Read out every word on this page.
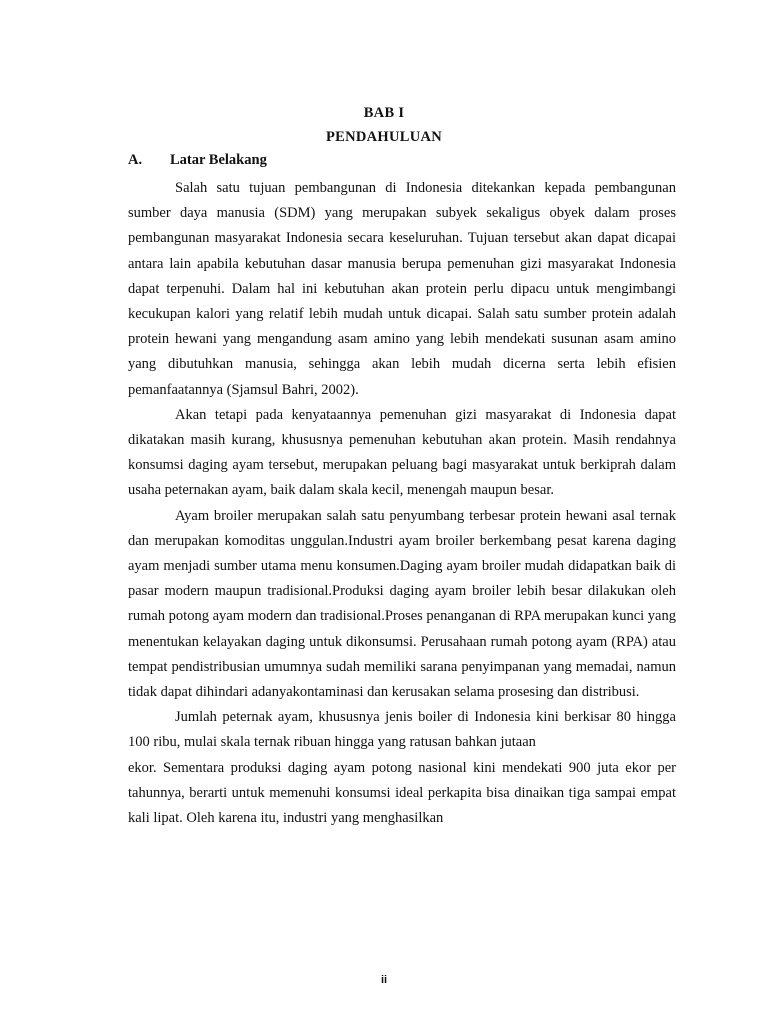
BAB I
PENDAHULUAN
A. Latar Belakang

Salah satu tujuan pembangunan di Indonesia ditekankan kepada pembangunan sumber daya manusia (SDM) yang merupakan subyek sekaligus obyek dalam proses pembangunan masyarakat Indonesia secara keseluruhan. Tujuan tersebut akan dapat dicapai antara lain apabila kebutuhan dasar manusia berupa pemenuhan gizi masyarakat Indonesia dapat terpenuhi. Dalam hal ini kebutuhan akan protein perlu dipacu untuk mengimbangi kecukupan kalori yang relatif lebih mudah untuk dicapai. Salah satu sumber protein adalah protein hewani yang mengandung asam amino yang lebih mendekati susunan asam amino yang dibutuhkan manusia, sehingga akan lebih mudah dicerna serta lebih efisien pemanfaatannya (Sjamsul Bahri, 2002).

Akan tetapi pada kenyataannya pemenuhan gizi masyarakat di Indonesia dapat dikatakan masih kurang, khususnya pemenuhan kebutuhan akan protein. Masih rendahnya konsumsi daging ayam tersebut, merupakan peluang bagi masyarakat untuk berkiprah dalam usaha peternakan ayam, baik dalam skala kecil, menengah maupun besar.

Ayam broiler merupakan salah satu penyumbang terbesar protein hewani asal ternak dan merupakan komoditas unggulan.Industri ayam broiler berkembang pesat karena daging ayam menjadi sumber utama menu konsumen.Daging ayam broiler mudah didapatkan baik di pasar modern maupun tradisional.Produksi daging ayam broiler lebih besar dilakukan oleh rumah potong ayam modern dan tradisional.Proses penanganan di RPA merupakan kunci yang menentukan kelayakan daging untuk dikonsumsi. Perusahaan rumah potong ayam (RPA) atau tempat pendistribusian umumnya sudah memiliki sarana penyimpanan yang memadai, namun tidak dapat dihindari adanyakontaminasi dan kerusakan selama prosesing dan distribusi.

Jumlah peternak ayam, khususnya jenis boiler di Indonesia kini berkisar 80 hingga 100 ribu, mulai skala ternak ribuan hingga yang ratusan bahkan jutaan

ekor. Sementara produksi daging ayam potong nasional kini mendekati 900 juta ekor per tahunnya, berarti untuk memenuhi konsumsi ideal perkapita bisa dinaikan tiga sampai empat kali lipat. Oleh karena itu, industri yang menghasilkan

ii
